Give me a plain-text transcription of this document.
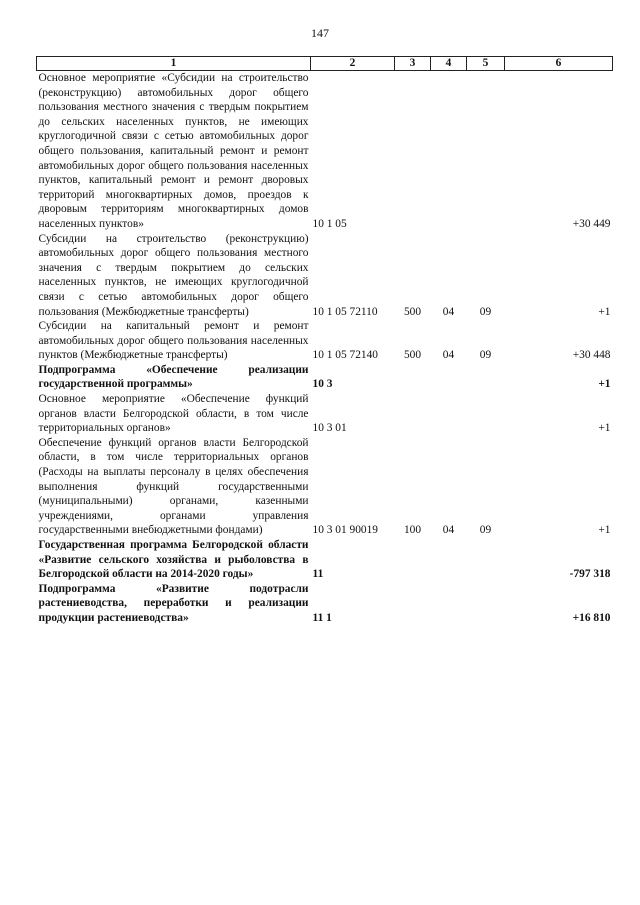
147
1	2	3	4	5	6
Основное мероприятие «Субсидии на строительство (реконструкцию) автомобильных дорог общего пользования местного значения с твердым покрытием до сельских населенных пунктов, не имеющих круглогодичной связи с сетью автомобильных дорог общего пользования, капитальный ремонт и ремонт автомобильных дорог общего пользования населенных пунктов, капитальный ремонт и ремонт дворовых территорий многоквартирных домов, проездов к дворовым территориям многоквартирных домов населенных пунктов»	10 1 05				+30 449
Субсидии на строительство (реконструкцию) автомобильных дорог общего пользования местного значения с твердым покрытием до сельских населенных пунктов, не имеющих круглогодичной связи с сетью автомобильных дорог общего пользования (Межбюджетные трансферты)	10 1 05 72110	500	04	09	+1
Субсидии на капитальный ремонт и ремонт автомобильных дорог общего пользования населенных пунктов (Межбюджетные трансферты)	10 1 05 72140	500	04	09	+30 448
Подпрограмма «Обеспечение реализации государственной программы»	10 3				+1
Основное мероприятие «Обеспечение функций органов власти Белгородской области, в том числе территориальных органов»	10 3 01				+1
Обеспечение функций органов власти Белгородской области, в том числе территориальных органов (Расходы на выплаты персоналу в целях обеспечения выполнения функций государственными (муниципальными) органами, казенными учреждениями, органами управления государственными внебюджетными фондами)	10 3 01 90019	100	04	09	+1
Государственная программа Белгородской области «Развитие сельского хозяйства и рыболовства в Белгородской области на 2014-2020 годы»	11				-797 318
Подпрограмма «Развитие подотрасли растениеводства, переработки и реализации продукции растениеводства»	11 1				+16 810
